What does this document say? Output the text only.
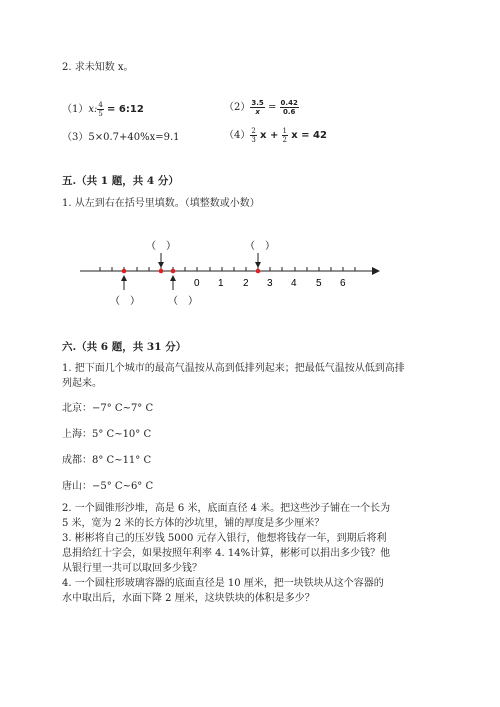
2. 求未知数 x。
（1）x: $\frac{4}{5}$ = 6:12	$(2) \frac{3.5}{x} = \frac{0.42}{0.6}$
（3）5×0.7+40%x=9.1	$(4) \frac{2}{3}$ $x + \frac{1}{2}$ x = 42
五.（共 1 题，共 4 分）
1. 从左到右在括号里填数。（填整数或小数）
（　）	（　）
（　）	（　）
0 1 2 3 4 5 6
六.（共 6 题，共 31 分）
1. 把下面几个城市的最高气温按从高到低排列起来；把最低气温按从低到高排
列起来。
北京：−7° C~7° C
上海：5° C~10° C
成都：8° C~11° C
唐山：−5° C~6° C
2. 一个圆锥形沙堆，高是 6 米，底面直径 4 米。把这些沙子铺在一个长为 5 米，宽为 2 米的长方体的沙坑里，铺的厚度是多少厘米？
3. 彬彬将自己的压岁钱 5000 元存入银行，他想将钱存一年，到期后将利息捐给红十字会，如果按照年利率 4. 14%计算，彬彬可以捐出多少钱？他从银行里一共可以取回多少钱？
4. 一个圆柱形玻璃容器的底面直径是 10 厘米，把一块铁块从这个容器的水中取出后，水面下降 2 厘米，这块铁块的体积是多少？
